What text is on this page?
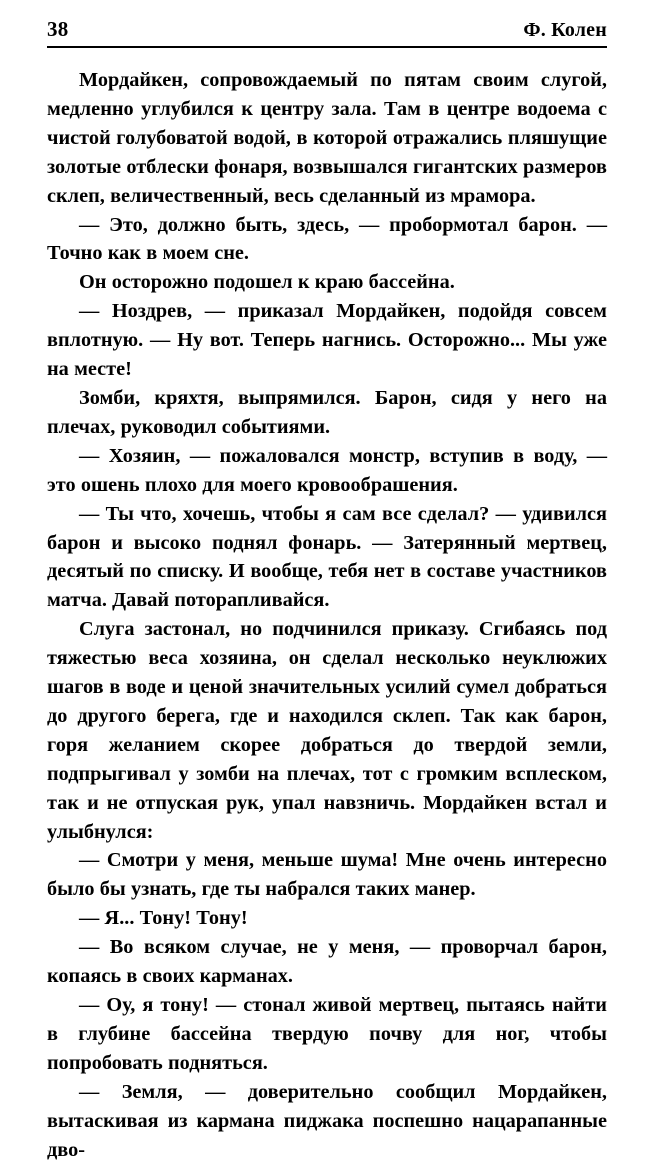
38	Ф. Колен

Мордайкен, сопровождаемый по пятам своим слугой, медленно углубился к центру зала. Там в центре водоема с чистой голубоватой водой, в которой отражались пляшущие золотые отблески фонаря, возвышался гигантских размеров склеп, величественный, весь сделанный из мрамора.

— Это, должно быть, здесь, — пробормотал барон. — Точно как в моем сне.

Он осторожно подошел к краю бассейна.

— Ноздрев, — приказал Мордайкен, подойдя совсем вплотную. — Ну вот. Теперь нагнись. Осторожно... Мы уже на месте!

Зомби, кряхтя, выпрямился. Барон, сидя у него на плечах, руководил событиями.

— Хозяин, — пожаловался монстр, вступив в воду, — это ошень плохо для моего кровообрашения.

— Ты что, хочешь, чтобы я сам все сделал? — удивился барон и высоко поднял фонарь. — Затерянный мертвец, десятый по списку. И вообще, тебя нет в составе участников матча. Давай поторапливайся.

Слуга застонал, но подчинился приказу. Сгибаясь под тяжестью веса хозяина, он сделал несколько неуклюжих шагов в воде и ценой значительных усилий сумел добраться до другого берега, где и находился склеп. Так как барон, горя желанием скорее добраться до твердой земли, подпрыгивал у зомби на плечах, тот с громким всплеском, так и не отпуская рук, упал навзничь. Мордайкен встал и улыбнулся:

— Смотри у меня, меньше шума! Мне очень интересно было бы узнать, где ты набрался таких манер.

— Я... Тону! Тону!

— Во всяком случае, не у меня, — проворчал барон, копаясь в своих карманах.

— Оу, я тону! — стонал живой мертвец, пытаясь найти в глубине бассейна твердую почву для ног, чтобы попробовать подняться.

— Земля, — доверительно сообщил Мордайкен, вытаскивая из кармана пиджака поспешно нацарапанные дво-
